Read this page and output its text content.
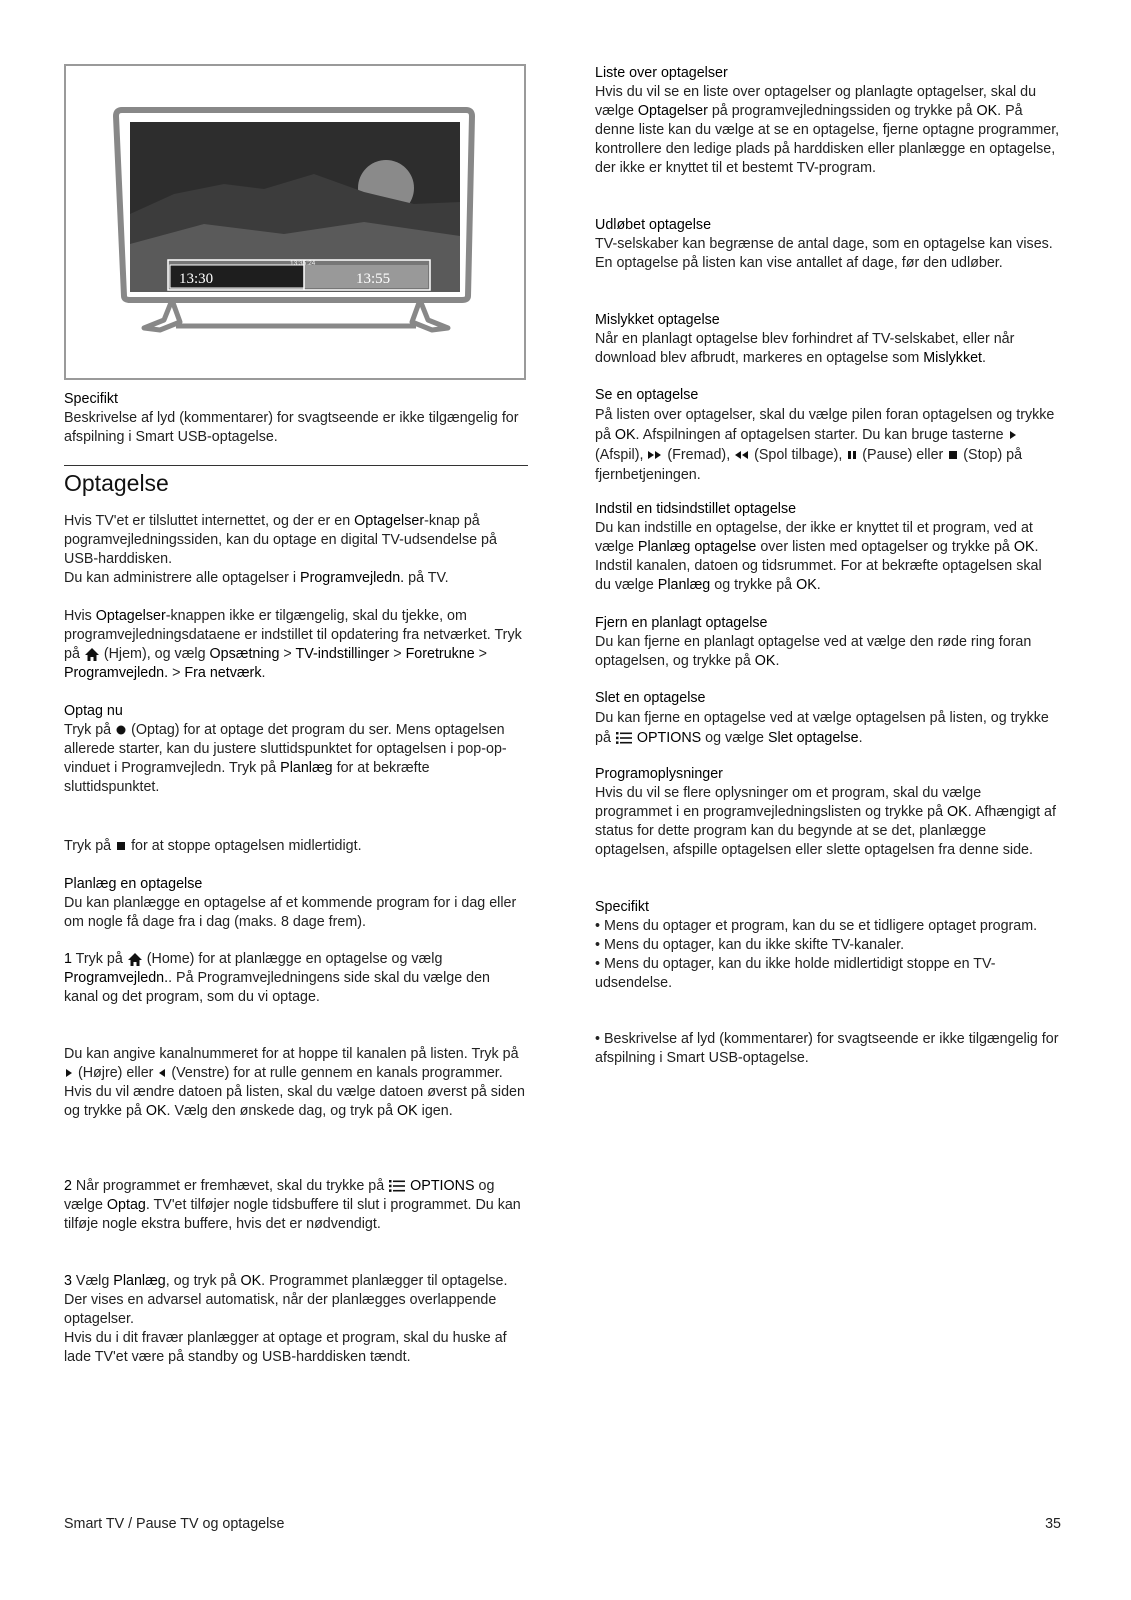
13:30	13:55
13:35:24

Specifikt

Beskrivelse af lyd (kommentarer) for svagtseende er ikke tilgængelig for afspilning i Smart USB-optagelse.

Optagelse

Hvis TV'et er tilsluttet internettet, og der er en Optagelser-knap på pogramvejledningssiden, kan du optage en digital TV-udsendelse på USB-harddisken.

Du kan administrere alle optagelser i Programvejledn. på TV.

Hvis Optagelser-knappen ikke er tilgængelig, skal du tjekke, om programvejledningsdataene er indstillet til opdatering fra netværket. Tryk på  (Hjem), og vælg Opsætning > TV-indstillinger > Foretrukne > Programvejledn. > Fra netværk.

Optag nu

Tryk på  (Optag) for at optage det program du ser. Mens optagelsen allerede starter, kan du justere sluttidspunktet for optagelsen i pop-op-vinduet i Programvejledn. Tryk på Planlæg for at bekræfte sluttidspunktet.

Tryk på  for at stoppe optagelsen midlertidigt.

Planlæg en optagelse

Du kan planlægge en optagelse af et kommende program for i dag eller om nogle få dage fra i dag (maks. 8 dage frem).

1 Tryk på  (Home) for at planlægge en optagelse og vælg Programvejledn.. På Programvejledningens side skal du vælge den kanal og det program, som du vi optage.

Du kan angive kanalnummeret for at hoppe til kanalen på listen. Tryk på  (Højre) eller  (Venstre) for at rulle gennem en kanals programmer.

Hvis du vil ændre datoen på listen, skal du vælge datoen øverst på siden og trykke på OK. Vælg den ønskede dag, og tryk på OK igen.

2 Når programmet er fremhævet, skal du trykke på  OPTIONS og vælge Optag. TV'et tilføjer nogle tidsbuffere til slut i programmet. Du kan tilføje nogle ekstra buffere, hvis det er nødvendigt.

3 Vælg Planlæg, og tryk på OK. Programmet planlægger til optagelse. Der vises en advarsel automatisk, når der planlægges overlappende optagelser.

Hvis du i dit fravær planlægger at optage et program, skal du huske af lade TV'et være på standby og USB-harddisken tændt.

Smart TV / Pause TV og optagelse

Liste over optagelser

Hvis du vil se en liste over optagelser og planlagte optagelser, skal du vælge Optagelser på programvejledningssiden og trykke på OK. På denne liste kan du vælge at se en optagelse, fjerne optagne programmer, kontrollere den ledige plads på harddisken eller planlægge en optagelse, der ikke er knyttet til et bestemt TV-program.

Udløbet optagelse

TV-selskaber kan begrænse de antal dage, som en optagelse kan vises. En optagelse på listen kan vise antallet af dage, før den udløber.

Mislykket optagelse

Når en planlagt optagelse blev forhindret af TV-selskabet, eller når download blev afbrudt, markeres en optagelse som Mislykket.

Se en optagelse

På listen over optagelser, skal du vælge pilen foran optagelsen og trykke på OK. Afspilningen af optagelsen starter. Du kan bruge tasterne  (Afspil),  (Fremad),  (Spol tilbage),  (Pause) eller  (Stop) på fjernbetjeningen.

Indstil en tidsindstillet optagelse

Du kan indstille en optagelse, der ikke er knyttet til et program, ved at vælge Planlæg optagelse over listen med optagelser og trykke på OK. Indstil kanalen, datoen og tidsrummet. For at bekræfte optagelsen skal du vælge Planlæg og trykke på OK.

Fjern en planlagt optagelse

Du kan fjerne en planlagt optagelse ved at vælge den røde ring foran optagelsen, og trykke på OK.

Slet en optagelse

Du kan fjerne en optagelse ved at vælge optagelsen på listen, og trykke på  OPTIONS og vælge Slet optagelse.

Programoplysninger

Hvis du vil se flere oplysninger om et program, skal du vælge programmet i en programvejledningslisten og trykke på OK. Afhængigt af status for dette program kan du begynde at se det, planlægge optagelsen, afspille optagelsen eller slette optagelsen fra denne side.

Specifikt

• Mens du optager et program, kan du se et tidligere optaget program.

• Mens du optager, kan du ikke skifte TV-kanaler.

• Mens du optager, kan du ikke holde midlertidigt stoppe en TV-udsendelse.

• Beskrivelse af lyd (kommentarer) for svagtseende er ikke tilgængelig for afspilning i Smart USB-optagelse.

35
